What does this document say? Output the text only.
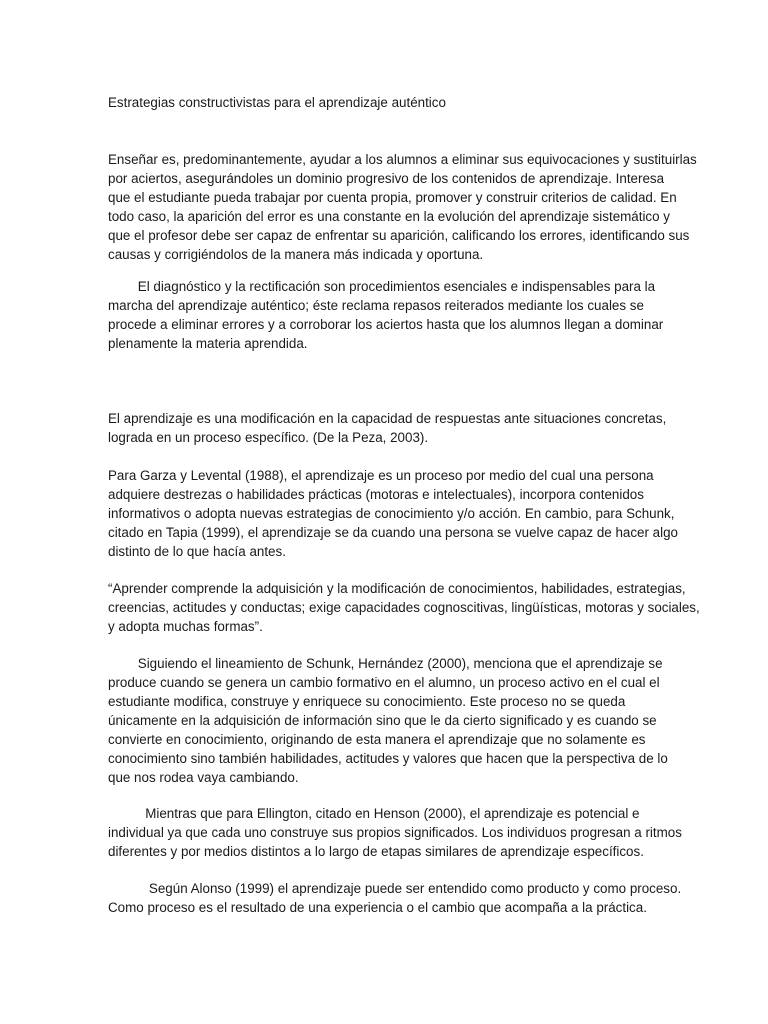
Estrategias constructivistas para el aprendizaje auténtico
Enseñar es, predominantemente, ayudar a los alumnos a eliminar sus equivocaciones y sustituirlas
por aciertos, asegurándoles un dominio progresivo de los contenidos de aprendizaje. Interesa
que el estudiante pueda trabajar por cuenta propia, promover y construir criterios de calidad. En
todo caso, la aparición del error es una constante en la evolución del aprendizaje sistemático y
que el profesor debe ser capaz de enfrentar su aparición, calificando los errores, identificando sus
causas y corrigiéndolos de la manera más indicada y oportuna.
El diagnóstico y la rectificación son procedimientos esenciales e indispensables para la
marcha del aprendizaje auténtico; éste reclama repasos reiterados mediante los cuales se
procede a eliminar errores y a corroborar los aciertos hasta que los alumnos llegan a dominar
plenamente la materia aprendida.
El aprendizaje es una modificación en la capacidad de respuestas ante situaciones concretas,
lograda en un proceso específico. (De la Peza, 2003).
Para Garza y Levental (1988), el aprendizaje es un proceso por medio del cual una persona
adquiere destrezas o habilidades prácticas (motoras e intelectuales), incorpora contenidos
informativos o adopta nuevas estrategias de conocimiento y/o acción. En cambio, para Schunk,
citado en Tapia (1999), el aprendizaje se da cuando una persona se vuelve capaz de hacer algo
distinto de lo que hacía antes.
“Aprender comprende la adquisición y la modificación de conocimientos, habilidades, estrategias,
creencias, actitudes y conductas; exige capacidades cognoscitivas, lingüísticas, motoras y sociales,
y adopta muchas formas”.
Siguiendo el lineamiento de Schunk, Hernández (2000), menciona que el aprendizaje se
produce cuando se genera un cambio formativo en el alumno, un proceso activo en el cual el
estudiante modifica, construye y enriquece su conocimiento. Este proceso no se queda
únicamente en la adquisición de información sino que le da cierto significado y es cuando se
convierte en conocimiento, originando de esta manera el aprendizaje que no solamente es
conocimiento sino también habilidades, actitudes y valores que hacen que la perspectiva de lo
que nos rodea vaya cambiando.
Mientras que para Ellington, citado en Henson (2000), el aprendizaje es potencial e
individual ya que cada uno construye sus propios significados. Los individuos progresan a ritmos
diferentes y por medios distintos a lo largo de etapas similares de aprendizaje específicos.
Según Alonso (1999) el aprendizaje puede ser entendido como producto y como proceso.
Como proceso es el resultado de una experiencia o el cambio que acompaña a la práctica.
